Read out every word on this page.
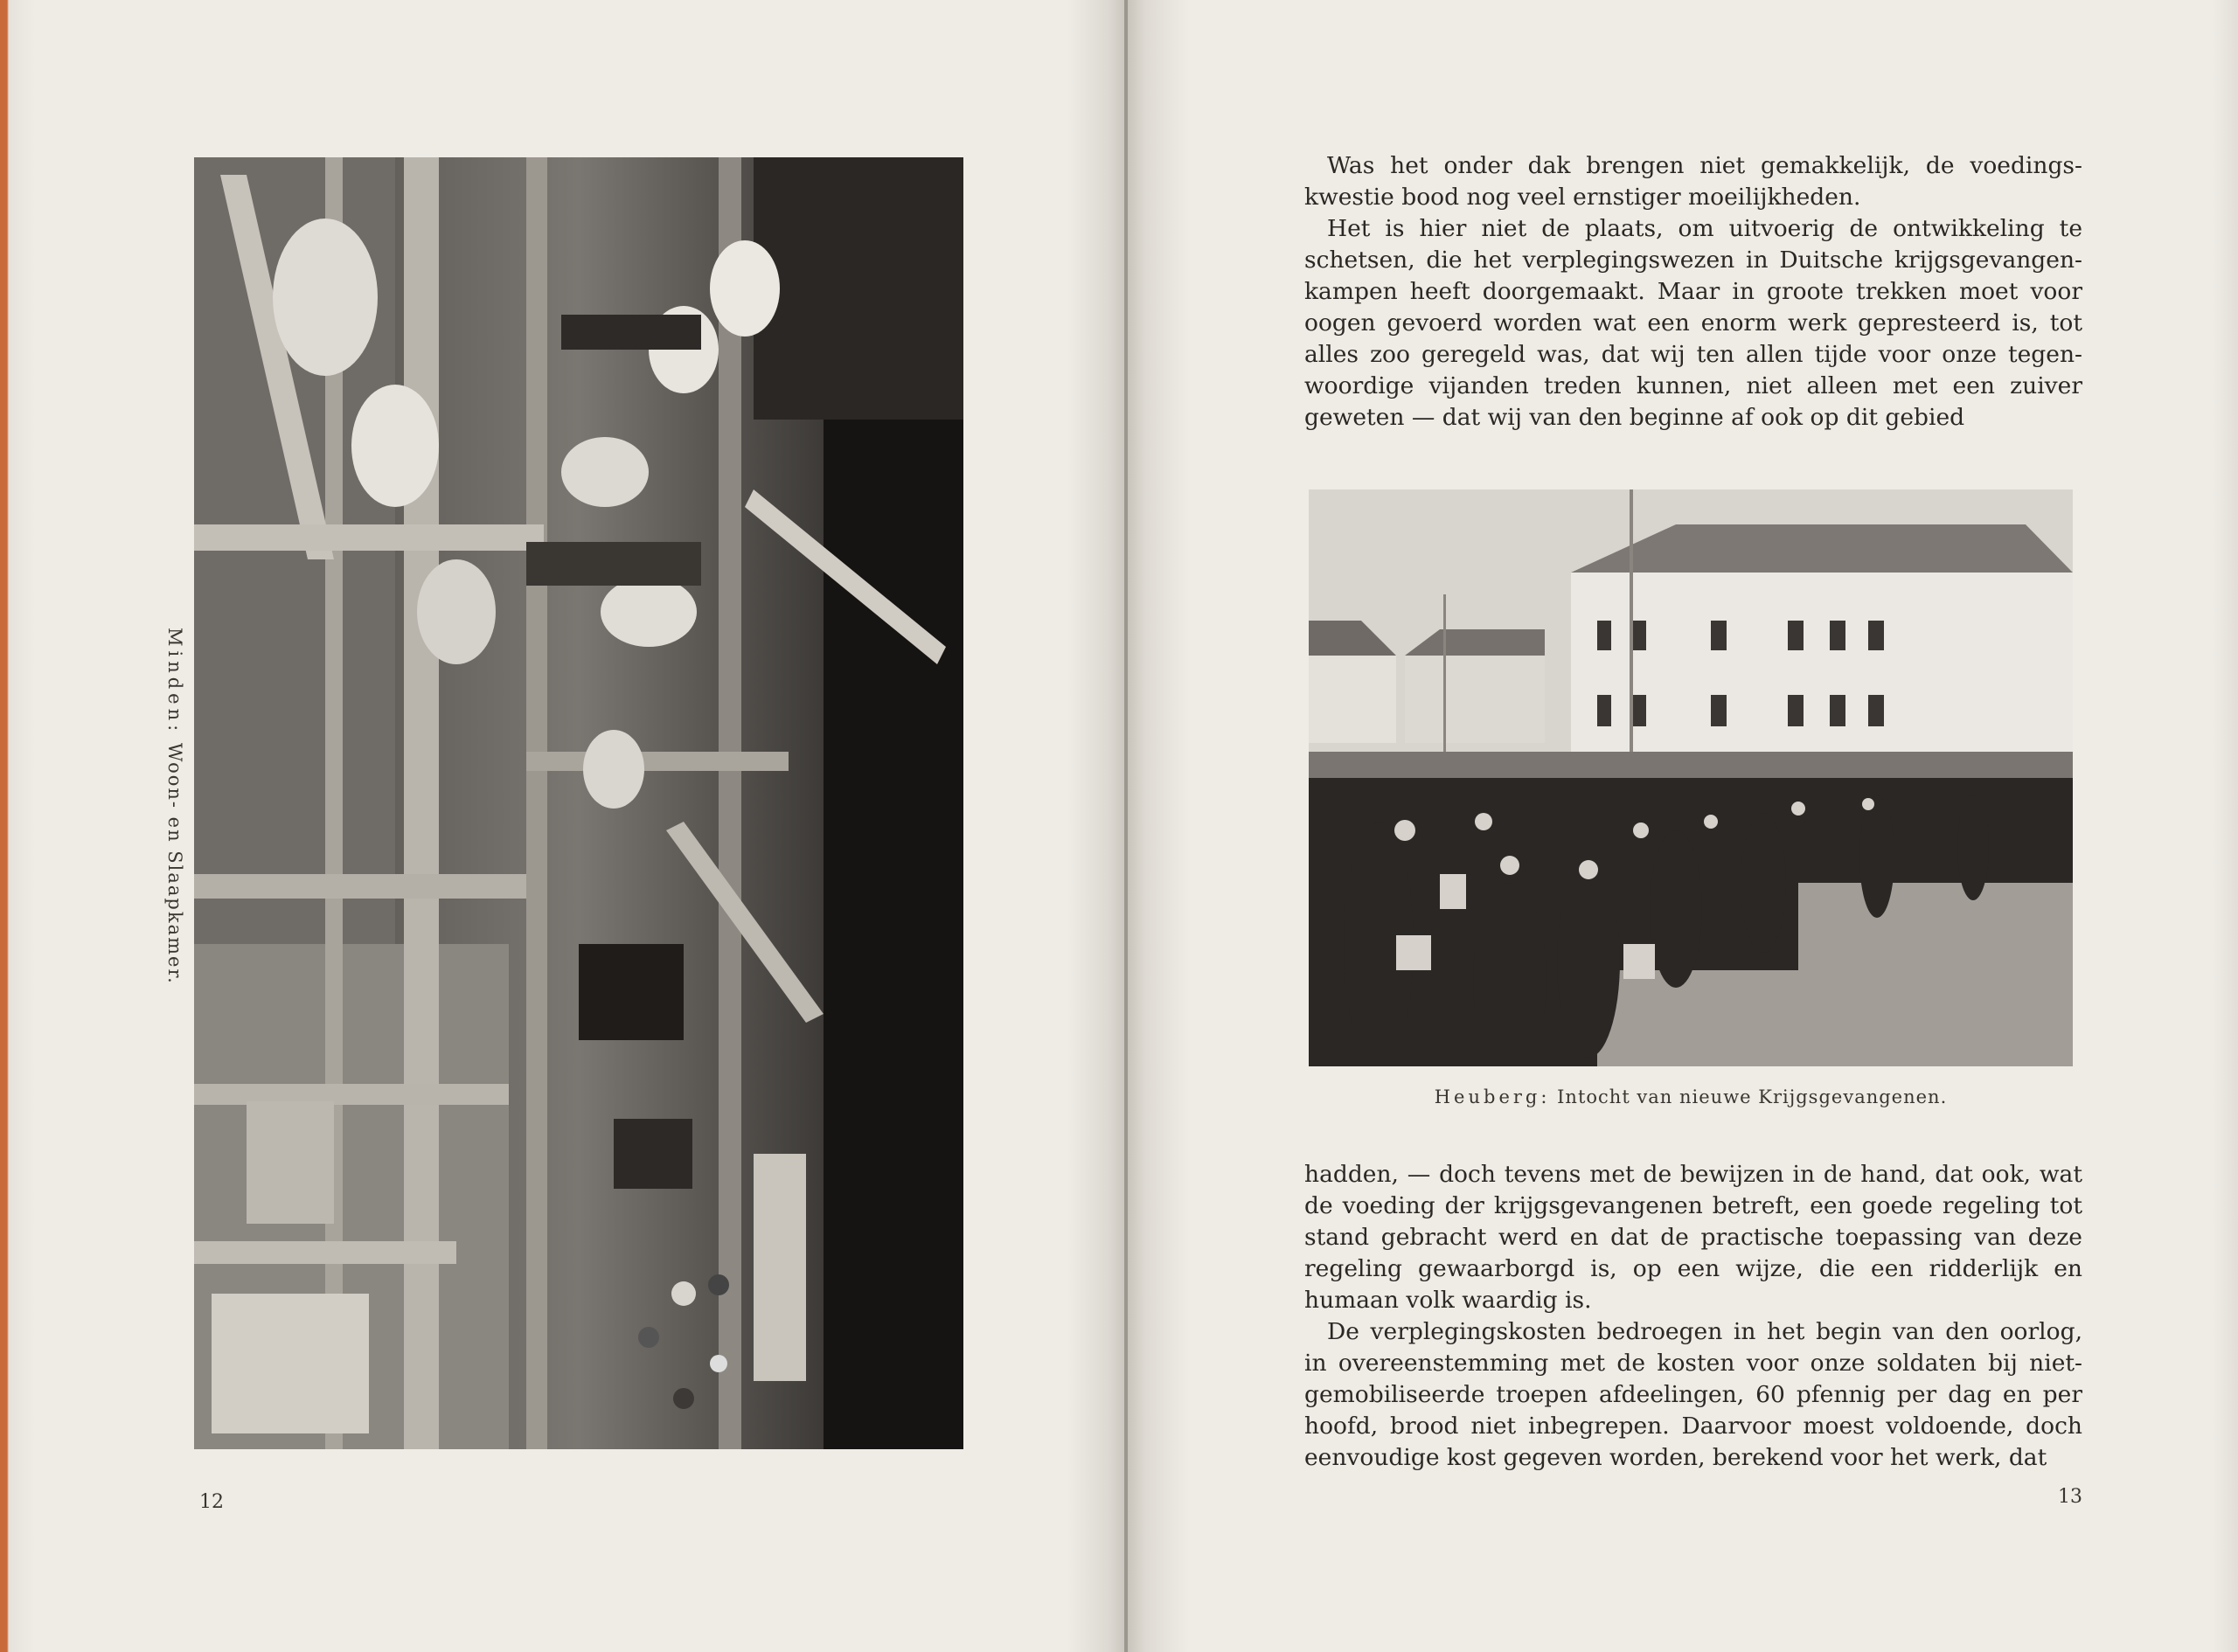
Minden: Woon- en Slaapkamer.
12

Was het onder dak brengen niet gemakkelijk, de voedingskwestie bood nog veel ernstiger moeilijkheden.

Het is hier niet de plaats, om uitvoerig de ontwikkeling te schetsen, die het verplegingswezen in Duitsche krijgsgevangenkampen heeft doorgemaakt. Maar in groote trekken moet voor oogen gevoerd worden wat een enorm werk gepresteerd is, tot alles zoo geregeld was, dat wij ten allen tijde voor onze tegenwoordige vijanden treden kunnen, niet alleen met een zuiver geweten — dat wij van den beginne af ook op dit gebied

Heuberg: Intocht van nieuwe Krijgsgevangenen.

hadden, — doch tevens met de bewijzen in de hand, dat ook, wat de voeding der krijgsgevangenen betreft, een goede regeling tot stand gebracht werd en dat de practische toepassing van deze regeling gewaarborgd is, op een wijze, die een ridderlijk en humaan volk waardig is.

De verplegingskosten bedroegen in het begin van den oorlog, in overeenstemming met de kosten voor onze soldaten bij nietgemobiliseerde troepen afdeelingen, 60 pfennig per dag en per hoofd, brood niet inbegrepen. Daarvoor moest voldoende, doch eenvoudige kost gegeven worden, berekend voor het werk, dat

13
